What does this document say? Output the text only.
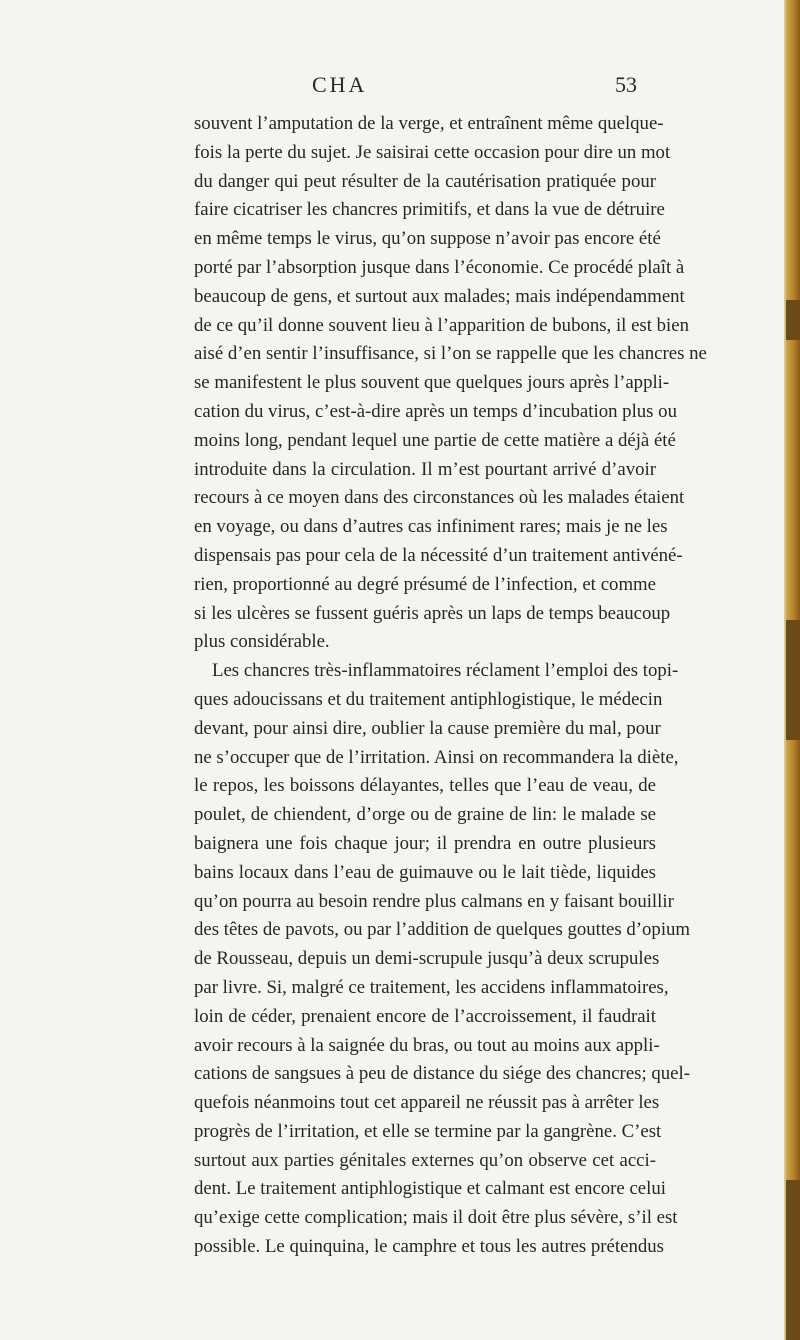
CHA	53
souvent l’amputation de la verge, et entraînent même quelque-
fois la perte du sujet. Je saisirai cette occasion pour dire un mot
du danger qui peut résulter de la cautérisation pratiquée pour
faire cicatriser les chancres primitifs, et dans la vue de détruire
en même temps le virus, qu’on suppose n’avoir pas encore été
porté par l’absorption jusque dans l’économie. Ce procédé plaît à
beaucoup de gens, et surtout aux malades; mais indépendamment
de ce qu’il donne souvent lieu à l’apparition de bubons, il est bien
aisé d’en sentir l’insuffisance, si l’on se rappelle que les chancres ne
se manifestent le plus souvent que quelques jours après l’appli-
cation du virus, c’est-à-dire après un temps d’incubation plus ou
moins long, pendant lequel une partie de cette matière a déjà été
introduite dans la circulation. Il m’est pourtant arrivé d’avoir
recours à ce moyen dans des circonstances où les malades étaient
en voyage, ou dans d’autres cas infiniment rares; mais je ne les
dispensais pas pour cela de la nécessité d’un traitement antivéné-
rien, proportionné au degré présumé de l’infection, et comme
si les ulcères se fussent guéris après un laps de temps beaucoup
plus considérable.
Les chancres très-inflammatoires réclament l’emploi des topi-
ques adoucissans et du traitement antiphlogistique, le médecin
devant, pour ainsi dire, oublier la cause première du mal, pour
ne s’occuper que de l’irritation. Ainsi on recommandera la diète,
le repos, les boissons délayantes, telles que l’eau de veau, de
poulet, de chiendent, d’orge ou de graine de lin: le malade se
baignera une fois chaque jour; il prendra en outre plusieurs
bains locaux dans l’eau de guimauve ou le lait tiède, liquides
qu’on pourra au besoin rendre plus calmans en y faisant bouillir
des têtes de pavots, ou par l’addition de quelques gouttes d’opium
de Rousseau, depuis un demi-scrupule jusqu’à deux scrupules
par livre. Si, malgré ce traitement, les accidens inflammatoires,
loin de céder, prenaient encore de l’accroissement, il faudrait
avoir recours à la saignée du bras, ou tout au moins aux appli-
cations de sangsues à peu de distance du siége des chancres; quel-
quefois néanmoins tout cet appareil ne réussit pas à arrêter les
progrès de l’irritation, et elle se termine par la gangrène. C’est
surtout aux parties génitales externes qu’on observe cet acci-
dent. Le traitement antiphlogistique et calmant est encore celui
qu’exige cette complication; mais il doit être plus sévère, s’il est
possible. Le quinquina, le camphre et tous les autres prétendus
